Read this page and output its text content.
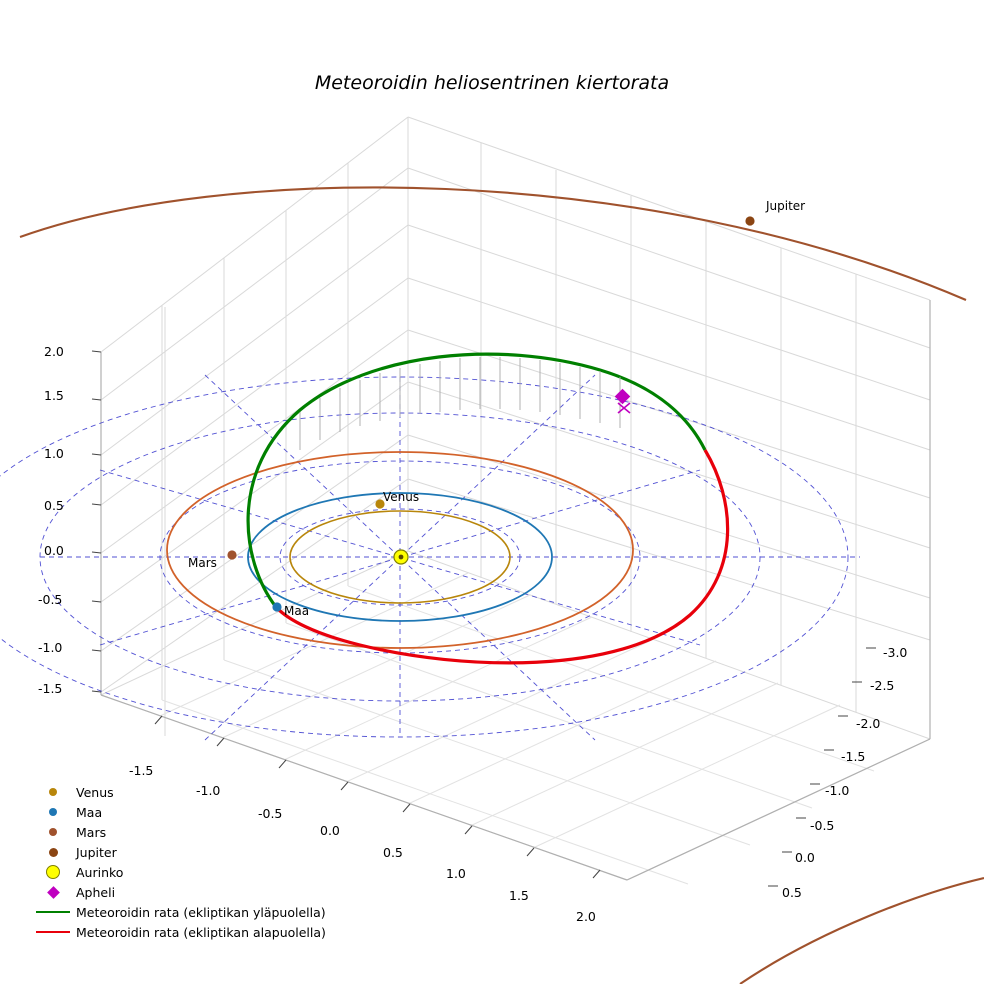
Meteoroidin heliosentrinen kiertorata
2.0
1.5
1.0
0.5
0.0
-0.5
-1.0
-1.5
-1.5
-1.0
-0.5
0.0
0.5
1.0
1.5
2.0
-3.0
-2.5
-2.0
-1.5
-1.0
-0.5
0.0
0.5
Jupiter
Venus
Mars
Maa
Venus
Maa
Mars
Jupiter
Aurinko
Apheli
Meteoroidin rata (ekliptikan yläpuolella)
Meteoroidin rata (ekliptikan alapuolella)
